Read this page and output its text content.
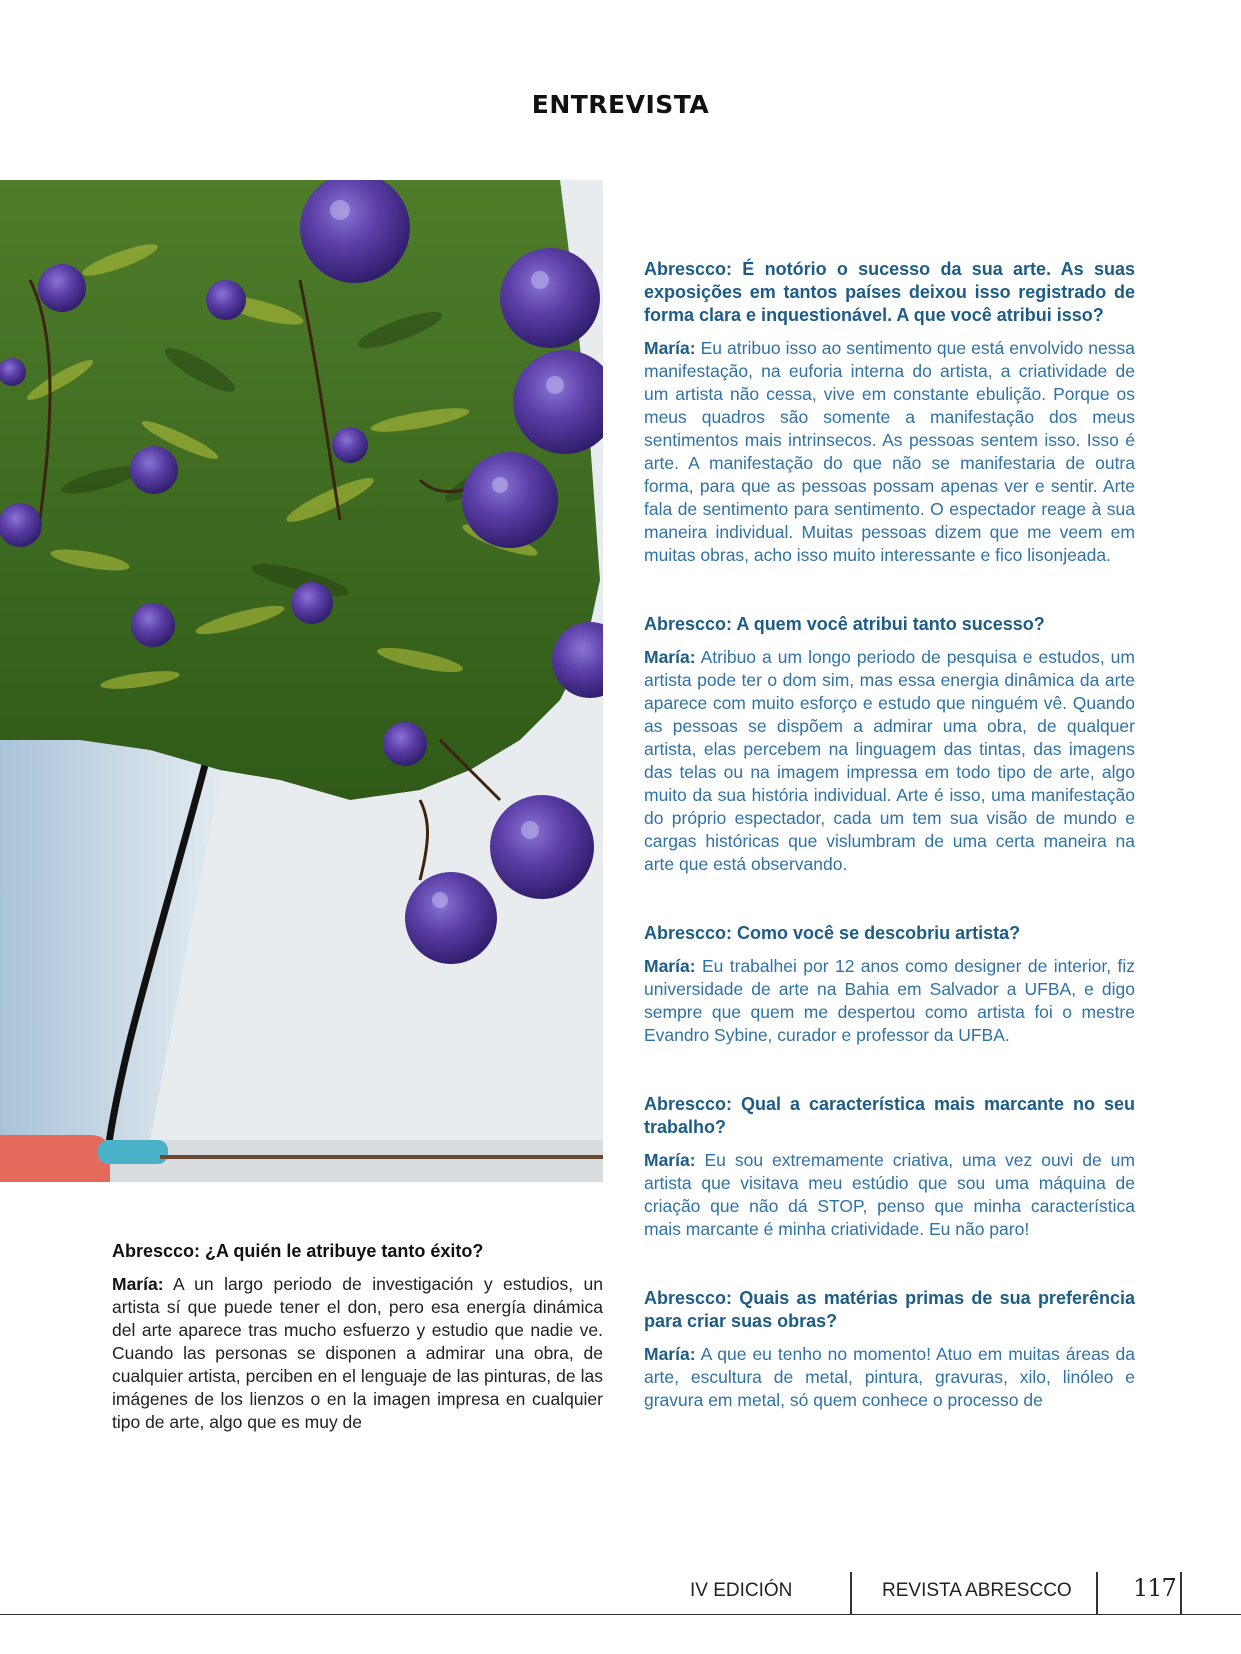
ENTREVISTA

Abrescco: É notório o sucesso da sua arte. As suas exposições em tantos países deixou isso registrado de forma clara e inquestionável. A que você atribui isso?

María: Eu atribuo isso ao sentimento que está envolvido nessa manifestação, na euforia interna do artista, a criatividade de um artista não cessa, vive em constante ebulição. Porque os meus quadros são somente a manifestação dos meus sentimentos mais intrinsecos. As pessoas sentem isso. Isso é arte. A manifestação do que não se manifestaria de outra forma, para que as pessoas possam apenas ver e sentir. Arte fala de sentimento para sentimento. O espectador reage à sua maneira individual. Muitas pessoas dizem que me veem em muitas obras, acho isso muito interessante e fico lisonjeada.

Abrescco: A quem você atribui tanto sucesso?

María: Atribuo a um longo periodo de pesquisa e estudos, um artista pode ter o dom sim, mas essa energia dinâmica da arte aparece com muito esforço e estudo que ninguém vê. Quando as pessoas se dispõem a admirar uma obra, de qualquer artista, elas percebem na linguagem das tintas, das imagens das telas ou na imagem impressa em todo tipo de arte, algo muito da sua história individual. Arte é isso, uma manifestação do próprio espectador, cada um tem sua visão de mundo e cargas históricas que vislumbram de uma certa maneira na arte que está observando.

Abrescco: Como você se descobriu artista?

María: Eu trabalhei por 12 anos como designer de interior, fiz universidade de arte na Bahia em Salvador a UFBA, e digo sempre que quem me despertou como artista foi o mestre Evandro Sybine, curador e professor da UFBA.

Abrescco: Qual a característica mais marcante no seu trabalho?

María: Eu sou extremamente criativa, uma vez ouvi de um artista que visitava meu estúdio que sou uma máquina de criação que não dá STOP, penso que minha característica mais marcante é minha criatividade. Eu não paro!

Abrescco: Quais as matérias primas de sua preferência para criar suas obras?

María: A que eu tenho no momento! Atuo em muitas áreas da arte, escultura de metal, pintura, gravuras, xilo, linóleo e gravura em metal, só quem conhece o processo de

Abrescco: ¿A quién le atribuye tanto éxito?

María: A un largo periodo de investigación y estudios, un artista sí que puede tener el don, pero esa energía dinámica del arte aparece tras mucho esfuerzo y estudio que nadie ve. Cuando las personas se disponen a admirar una obra, de cualquier artista, perciben en el lenguaje de las pinturas, de las imágenes de los lienzos o en la imagen impresa en cualquier tipo de arte, algo que es muy de

IV EDICIÓN	REVISTA ABRESCCO	117
